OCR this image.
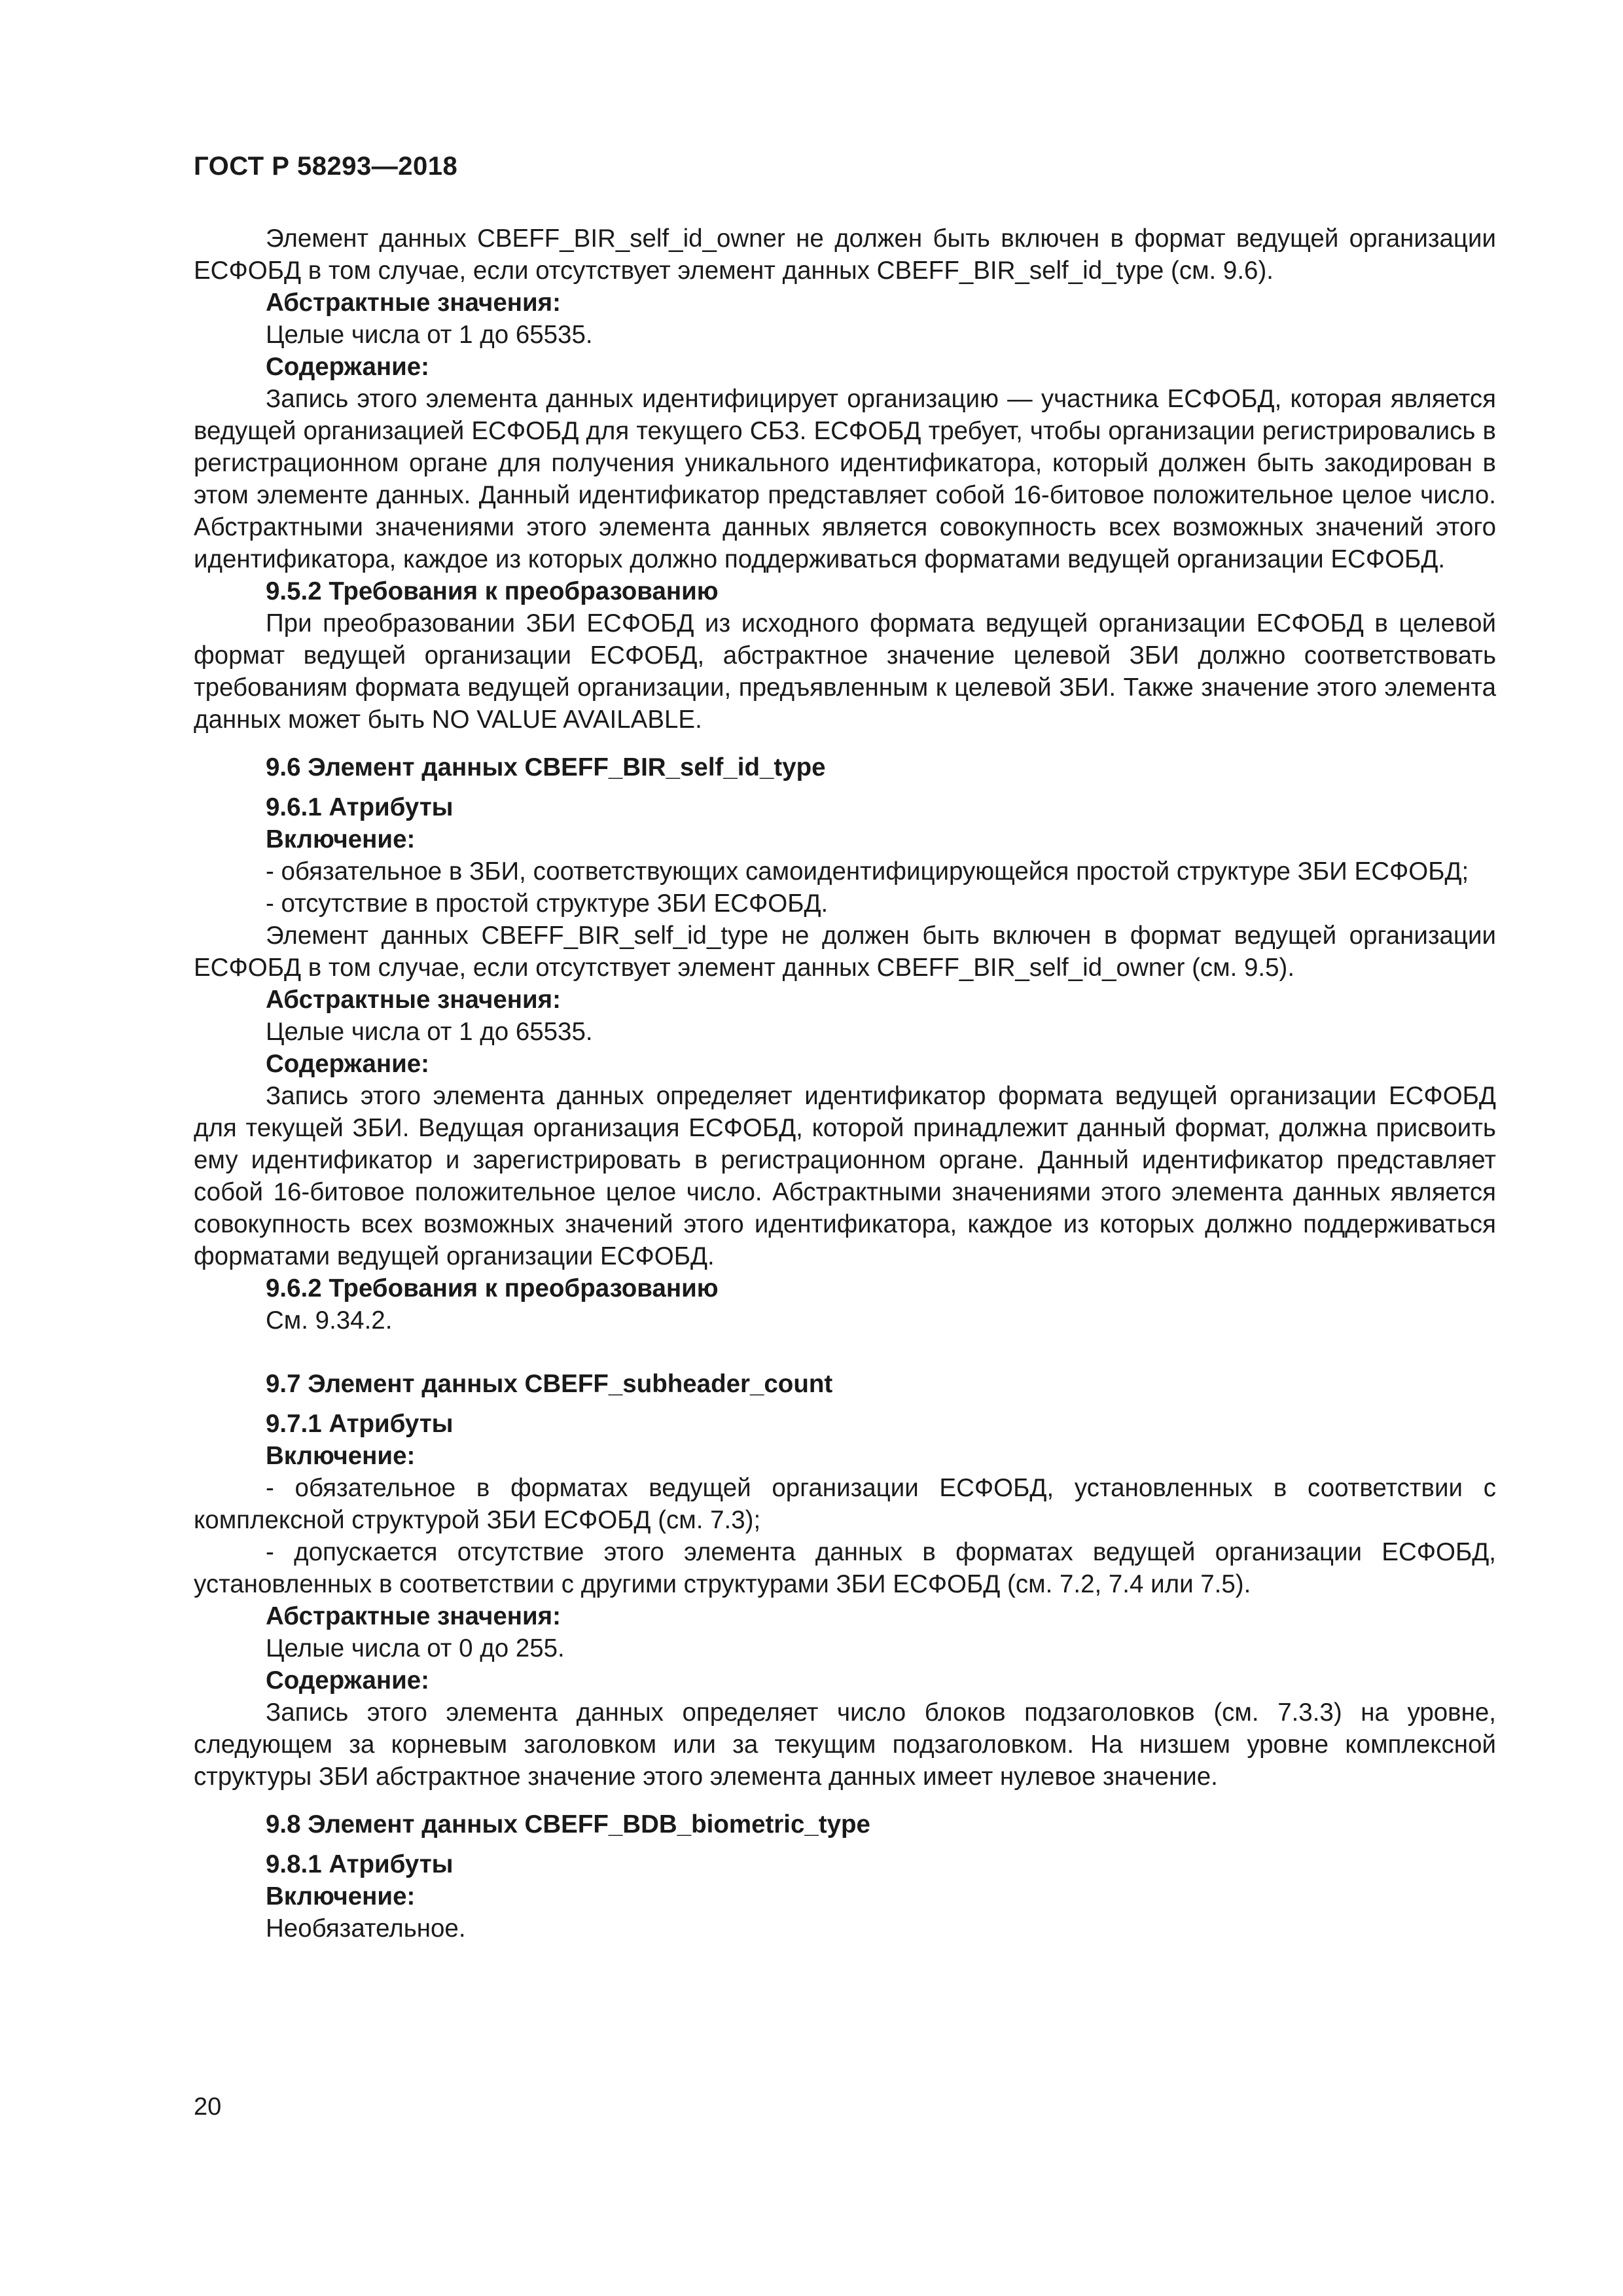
ГОСТ Р 58293—2018

Элемент данных CBEFF_BIR_self_id_owner не должен быть включен в формат ведущей организации ЕСФОБД в том случае, если отсутствует элемент данных CBEFF_BIR_self_id_type (см. 9.6).

Абстрактные значения:

Целые числа от 1 до 65535.

Содержание:

Запись этого элемента данных идентифицирует организацию — участника ЕСФОБД, которая является ведущей организацией ЕСФОБД для текущего СБЗ. ЕСФОБД требует, чтобы организации регистрировались в регистрационном органе для получения уникального идентификатора, который должен быть закодирован в этом элементе данных. Данный идентификатор представляет собой 16-битовое положительное целое число. Абстрактными значениями этого элемента данных является совокупность всех возможных значений этого идентификатора, каждое из которых должно поддерживаться форматами ведущей организации ЕСФОБД.

9.5.2 Требования к преобразованию

При преобразовании ЗБИ ЕСФОБД из исходного формата ведущей организации ЕСФОБД в целевой формат ведущей организации ЕСФОБД, абстрактное значение целевой ЗБИ должно соответствовать требованиям формата ведущей организации, предъявленным к целевой ЗБИ. Также значение этого элемента данных может быть NO VALUE AVAILABLE.

9.6 Элемент данных CBEFF_BIR_self_id_type

9.6.1 Атрибуты

Включение:

- обязательное в ЗБИ, соответствующих самоидентифицирующейся простой структуре ЗБИ ЕСФОБД;

- отсутствие в простой структуре ЗБИ ЕСФОБД.

Элемент данных CBEFF_BIR_self_id_type не должен быть включен в формат ведущей организации ЕСФОБД в том случае, если отсутствует элемент данных CBEFF_BIR_self_id_owner (см. 9.5).

Абстрактные значения:

Целые числа от 1 до 65535.

Содержание:

Запись этого элемента данных определяет идентификатор формата ведущей организации ЕСФОБД для текущей ЗБИ. Ведущая организация ЕСФОБД, которой принадлежит данный формат, должна присвоить ему идентификатор и зарегистрировать в регистрационном органе. Данный идентификатор представляет собой 16-битовое положительное целое число. Абстрактными значениями этого элемента данных является совокупность всех возможных значений этого идентификатора, каждое из которых должно поддерживаться форматами ведущей организации ЕСФОБД.

9.6.2 Требования к преобразованию

См. 9.34.2.

9.7 Элемент данных CBEFF_subheader_count

9.7.1 Атрибуты

Включение:

- обязательное в форматах ведущей организации ЕСФОБД, установленных в соответствии с комплексной структурой ЗБИ ЕСФОБД (см. 7.3);

- допускается отсутствие этого элемента данных в форматах ведущей организации ЕСФОБД, установленных в соответствии с другими структурами ЗБИ ЕСФОБД (см. 7.2, 7.4 или 7.5).

Абстрактные значения:

Целые числа от 0 до 255.

Содержание:

Запись этого элемента данных определяет число блоков подзаголовков (см. 7.3.3) на уровне, следующем за корневым заголовком или за текущим подзаголовком. На низшем уровне комплексной структуры ЗБИ абстрактное значение этого элемента данных имеет нулевое значение.

9.8 Элемент данных CBEFF_BDB_biometric_type

9.8.1 Атрибуты

Включение:

Необязательное.

20
